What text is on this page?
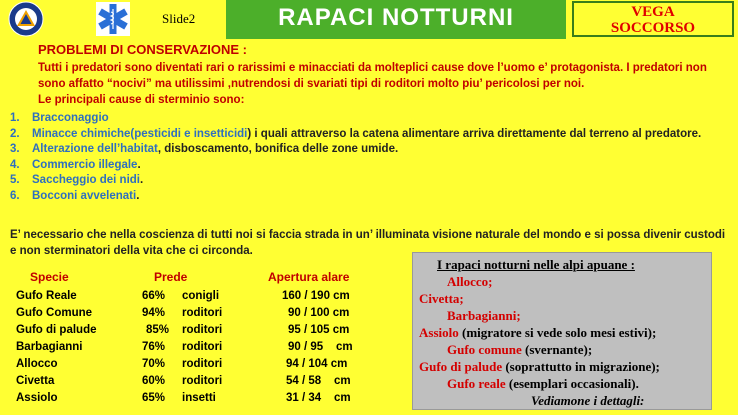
Slide2	RAPACI NOTTURNI	VEGA
SOCCORSO
PROBLEMI DI CONSERVAZIONE :

Tutti i predatori sono diventati rari o rarissimi e minacciati da molteplici cause dove l’uomo e’ protagonista. I predatori non sono affatto “nocivi” ma utilissimi ,nutrendosi di svariati tipi di roditori molto piu’ pericolosi per noi.

Le principali cause di sterminio sono:
1. Bracconaggio
2. Minacce chimiche(pesticidi e insetticidi) i quali attraverso la catena alimentare arriva direttamente dal terreno al predatore.
3. Alterazione dell’habitat, disboscamento, bonifica delle zone umide.
4. Commercio illegale.
5. Saccheggio dei nidi.
6. Bocconi avvelenati.

E’ necessario che nella coscienza di tutti noi si faccia strada in un’ illuminata visione naturale del mondo e si possa divenir custodi e non sterminatori della vita che ci circonda.

Specie	Prede	Apertura alare
Gufo Reale	66% conigli	160 / 190 cm
Gufo Comune	94% roditori	90 / 100 cm
Gufo di palude	85% roditori	95 / 105 cm
Barbagianni	76% roditori	90 / 95    cm
Allocco	70% roditori	94 / 104 cm
Civetta	60% roditori	54 / 58    cm
Assiolo	65% insetti	31 / 34    cm
I rapaci notturni nelle alpi apuane :
Allocco;
Civetta;
Barbagianni;
Assiolo (migratore si vede solo mesi estivi);
Gufo comune (svernante);
Gufo di palude (soprattutto in migrazione);
Gufo reale (esemplari occasionali).
Vediamone i dettagli:
